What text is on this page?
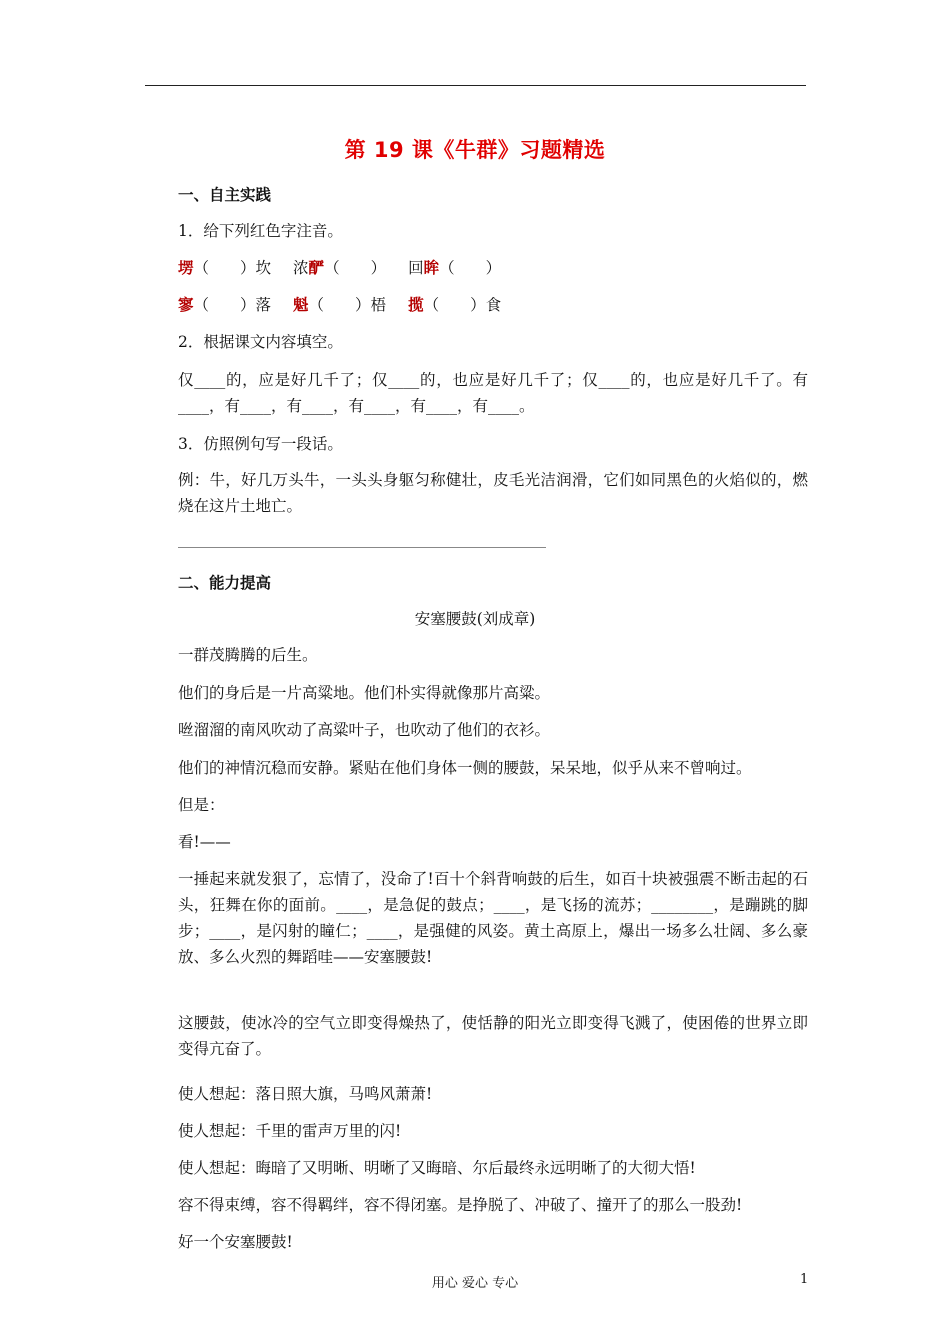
第 19 课《牛群》习题精选
一、自主实践
1．给下列红色字注音。
塄（　　）坎 浓酽（　　） 回眸（　　）
寥（　　）落 魁（　　）梧 揽（　　）食
2．根据课文内容填空。
仅____的，应是好几千了；仅____的，也应是好几千了；仅____的，也应是好几千了。有____，有____，有____，有____，有____，有____。
3．仿照例句写一段话。
例：牛，好几万头牛，一头头身躯匀称健壮，皮毛光洁润滑，它们如同黑色的火焰似的，燃烧在这片土地亡。
二、能力提高
安塞腰鼓(刘成章)
一群茂腾腾的后生。
他们的身后是一片高粱地。他们朴实得就像那片高粱。
咝溜溜的南风吹动了高粱叶子，也吹动了他们的衣衫。
他们的神情沉稳而安静。紧贴在他们身体一侧的腰鼓，呆呆地，似乎从来不曾响过。
但是：
看!——
一捶起来就发狠了，忘情了，没命了!百十个斜背响鼓的后生，如百十块被强震不断击起的石头，狂舞在你的面前。____，是急促的鼓点；____，是飞扬的流苏；________，是蹦跳的脚步；____，是闪射的瞳仁；____，是强健的风姿。黄土高原上，爆出一场多么壮阔、多么豪放、多么火烈的舞蹈哇——安塞腰鼓!
这腰鼓，使冰冷的空气立即变得燥热了，使恬静的阳光立即变得飞溅了，使困倦的世界立即变得亢奋了。
使人想起：落日照大旗，马鸣风萧萧!
使人想起：千里的雷声万里的闪!
使人想起：晦暗了又明晰、明晰了又晦暗、尔后最终永远明晰了的大彻大悟!
容不得束缚，容不得羁绊，容不得闭塞。是挣脱了、冲破了、撞开了的那么一股劲!
好一个安塞腰鼓!
用心 爱心 专心	1
